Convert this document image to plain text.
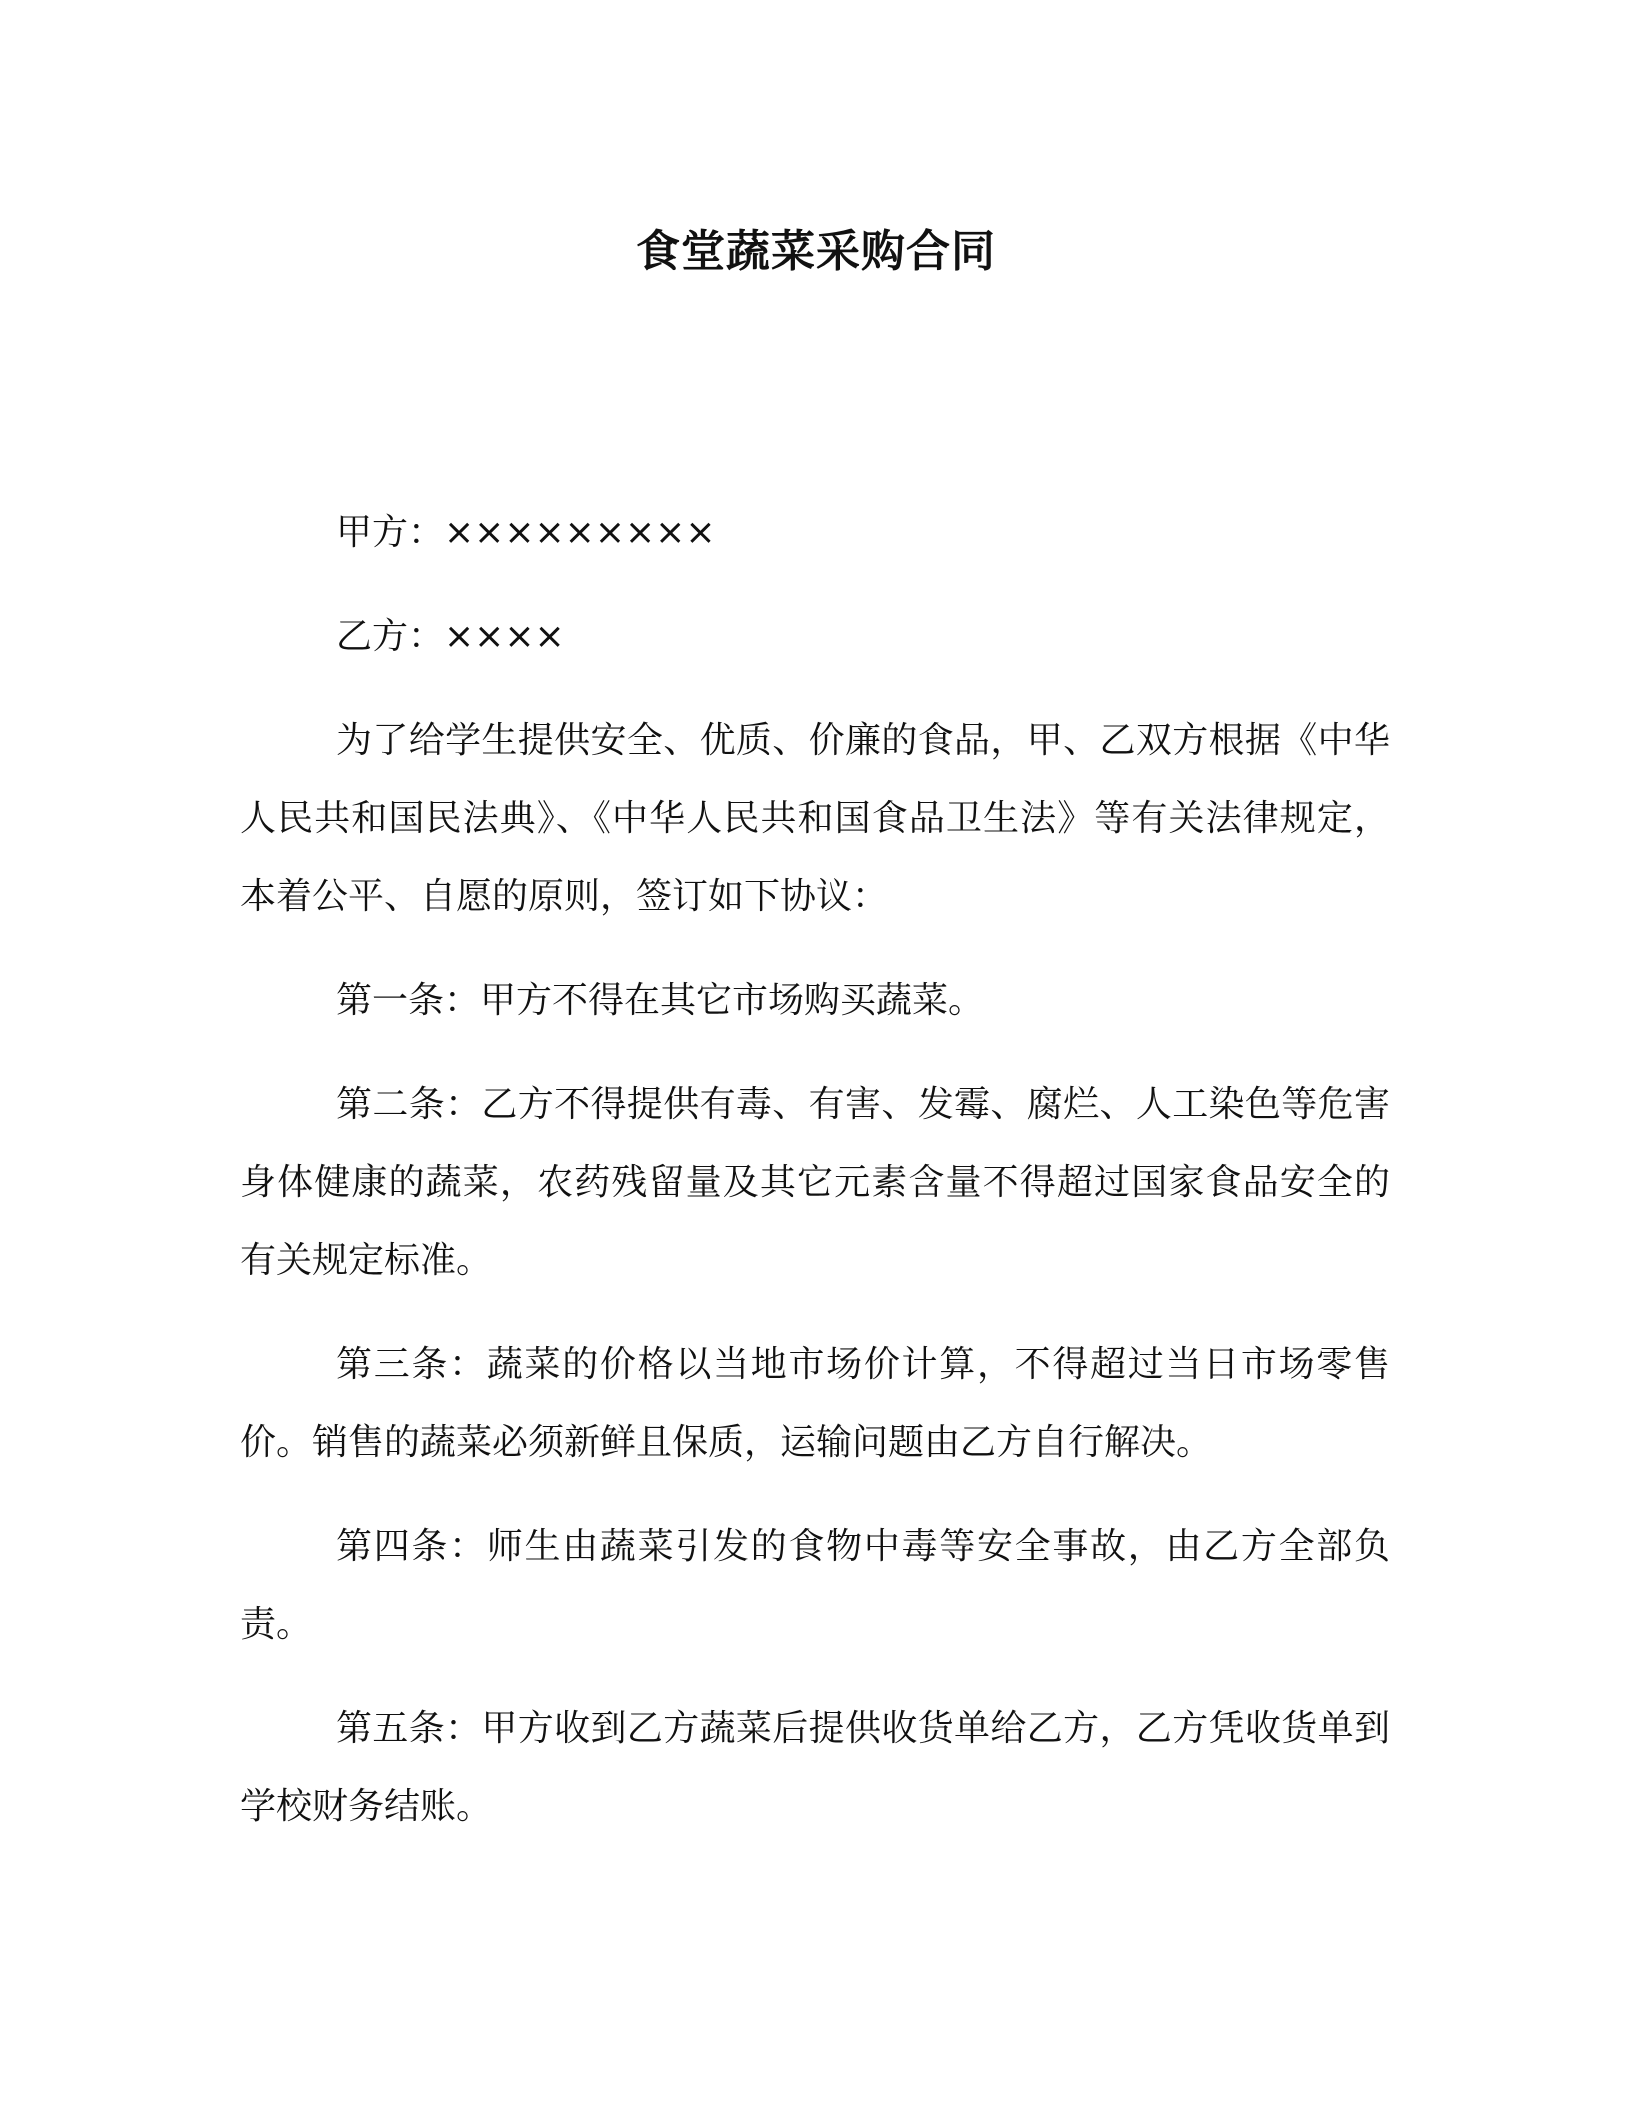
食堂蔬菜采购合同

甲方：×××××××××

乙方：××××

为了给学生提供安全、优质、价廉的食品，甲、乙双方根据《中华人民共和国民法典》、《中华人民共和国食品卫生法》等有关法律规定，本着公平、自愿的原则，签订如下协议：

第一条：甲方不得在其它市场购买蔬菜。

第二条：乙方不得提供有毒、有害、发霉、腐烂、人工染色等危害身体健康的蔬菜，农药残留量及其它元素含量不得超过国家食品安全的有关规定标准。

第三条：蔬菜的价格以当地市场价计算，不得超过当日市场零售价。销售的蔬菜必须新鲜且保质，运输问题由乙方自行解决。

第四条：师生由蔬菜引发的食物中毒等安全事故，由乙方全部负责。

第五条：甲方收到乙方蔬菜后提供收货单给乙方，乙方凭收货单到学校财务结账。
